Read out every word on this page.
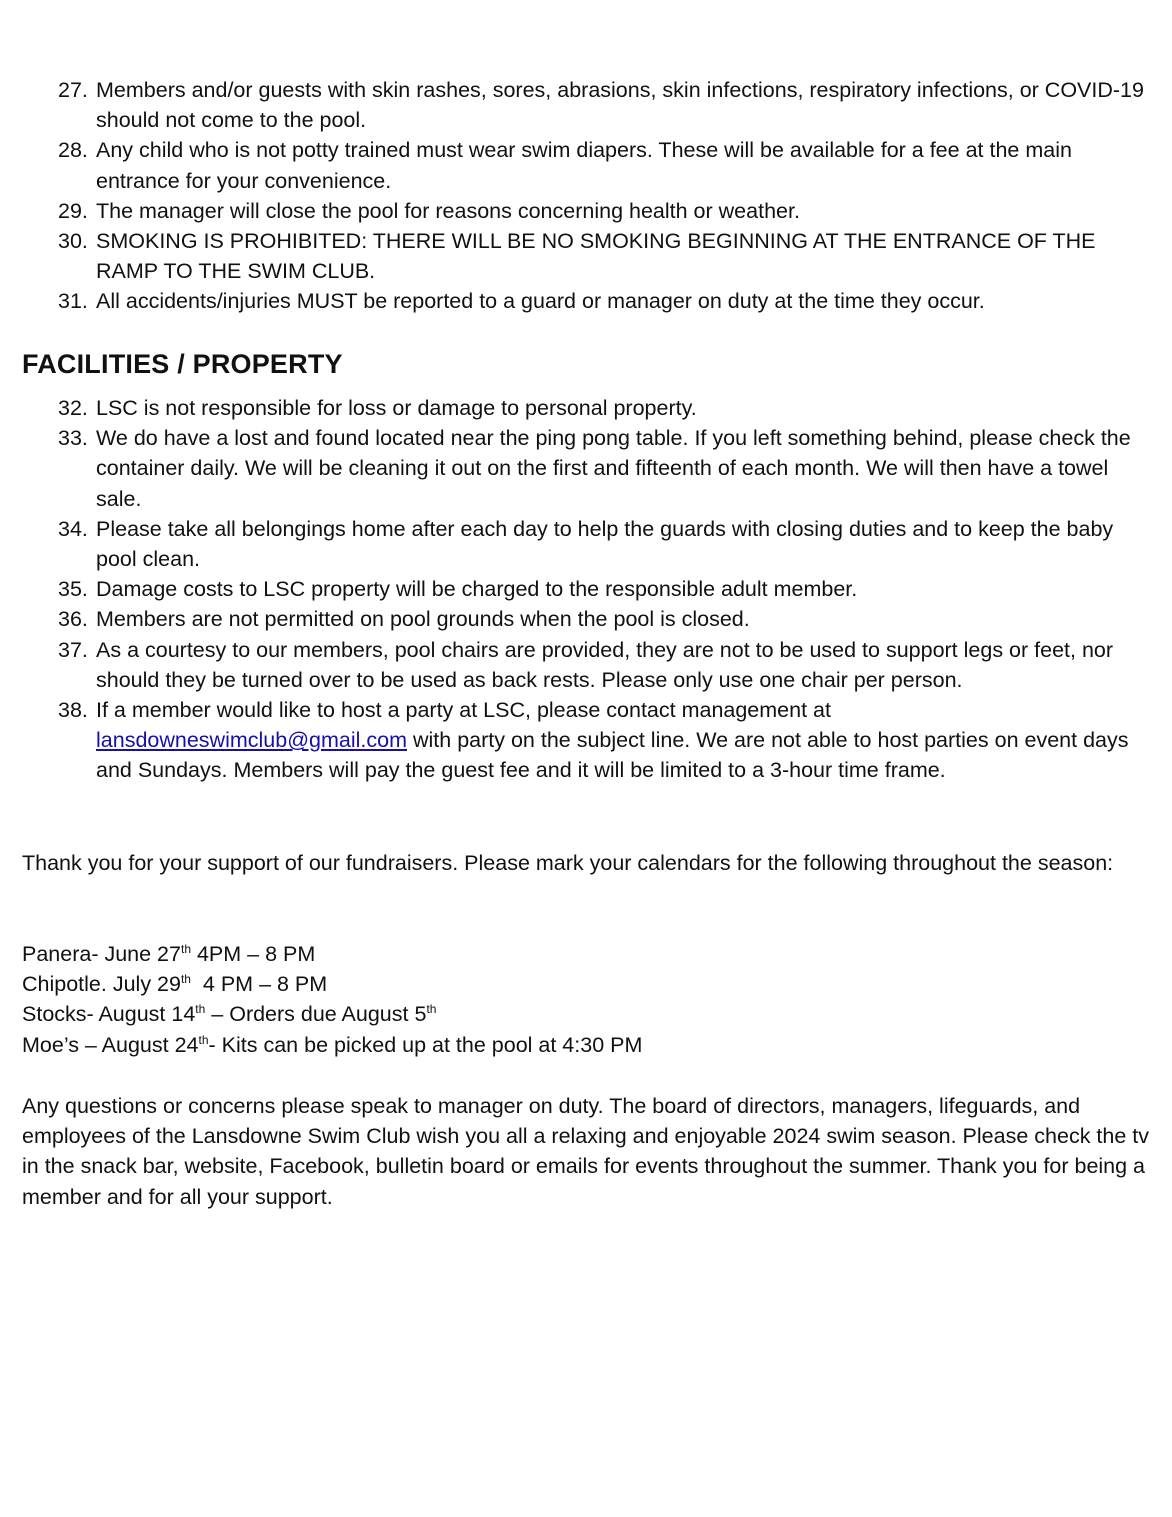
27. Members and/or guests with skin rashes, sores, abrasions, skin infections, respiratory infections, or COVID-19 should not come to the pool.
28. Any child who is not potty trained must wear swim diapers. These will be available for a fee at the main entrance for your convenience.
29. The manager will close the pool for reasons concerning health or weather.
30. SMOKING IS PROHIBITED: THERE WILL BE NO SMOKING BEGINNING AT THE ENTRANCE OF THE RAMP TO THE SWIM CLUB.
31. All accidents/injuries MUST be reported to a guard or manager on duty at the time they occur.
FACILITIES / PROPERTY
32. LSC is not responsible for loss or damage to personal property.
33. We do have a lost and found located near the ping pong table. If you left something behind, please check the container daily. We will be cleaning it out on the first and fifteenth of each month. We will then have a towel sale.
34. Please take all belongings home after each day to help the guards with closing duties and to keep the baby pool clean.
35. Damage costs to LSC property will be charged to the responsible adult member.
36. Members are not permitted on pool grounds when the pool is closed.
37. As a courtesy to our members, pool chairs are provided, they are not to be used to support legs or feet, nor should they be turned over to be used as back rests. Please only use one chair per person.
38. If a member would like to host a party at LSC, please contact management at
lansdowneswimclub@gmail.com with party on the subject line. We are not able to host parties on event days and Sundays. Members will pay the guest fee and it will be limited to a 3-hour time frame.
Thank you for your support of our fundraisers. Please mark your calendars for the following throughout the season:
Panera- June 27th 4PM – 8 PM
Chipotle. July 29th  4 PM – 8 PM
Stocks- August 14th – Orders due August 5th
Moe’s – August 24th- Kits can be picked up at the pool at 4:30 PM
Any questions or concerns please speak to manager on duty. The board of directors, managers, lifeguards, and employees of the Lansdowne Swim Club wish you all a relaxing and enjoyable 2024 swim season. Please check the tv in the snack bar, website, Facebook, bulletin board or emails for events throughout the summer. Thank you for being a member and for all your support.
